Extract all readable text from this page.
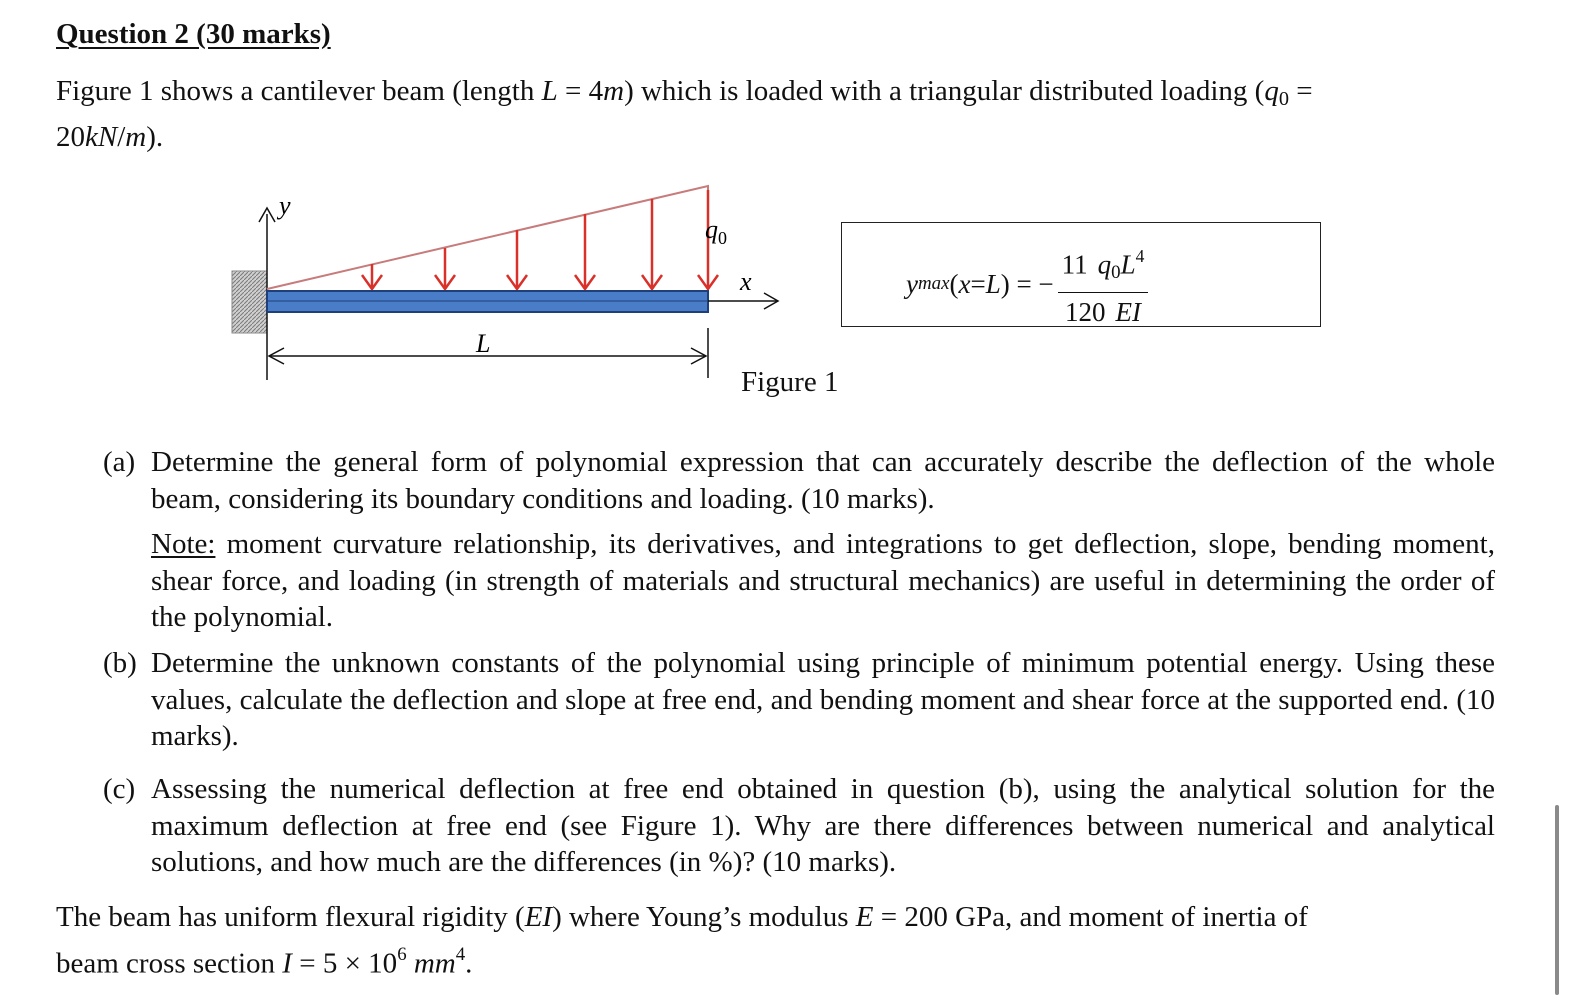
Question 2 (30 marks)
Figure 1 shows a cantilever beam (length L = 4m) which is loaded with a triangular distributed loading ($q_0$ =
20kN/m).
y
$q_0$
x
L
Figure 1
y max ( x = L ) = − $\frac{11 q_0L^4}{120 EI}$
(a) Determine the general form of polynomial expression that can accurately describe the deflection of the whole beam, considering its boundary conditions and loading. (10 marks).
Note: moment curvature relationship, its derivatives, and integrations to get deflection, slope, bending moment, shear force, and loading (in strength of materials and structural mechanics) are useful in determining the order of the polynomial.
(b) Determine the unknown constants of the polynomial using principle of minimum potential energy. Using these values, calculate the deflection and slope at free end, and bending moment and shear force at the supported end. (10 marks).
(c) Assessing the numerical deflection at free end obtained in question (b), using the analytical solution for the maximum deflection at free end (see Figure 1). Why are there differences between numerical and analytical solutions, and how much are the differences (in %)? (10 marks).
The beam has uniform flexural rigidity (EI) where Young’s modulus E = 200 GPa, and moment of inertia of
beam cross section $I = 5 \times 10^6$ $mm^4$.
